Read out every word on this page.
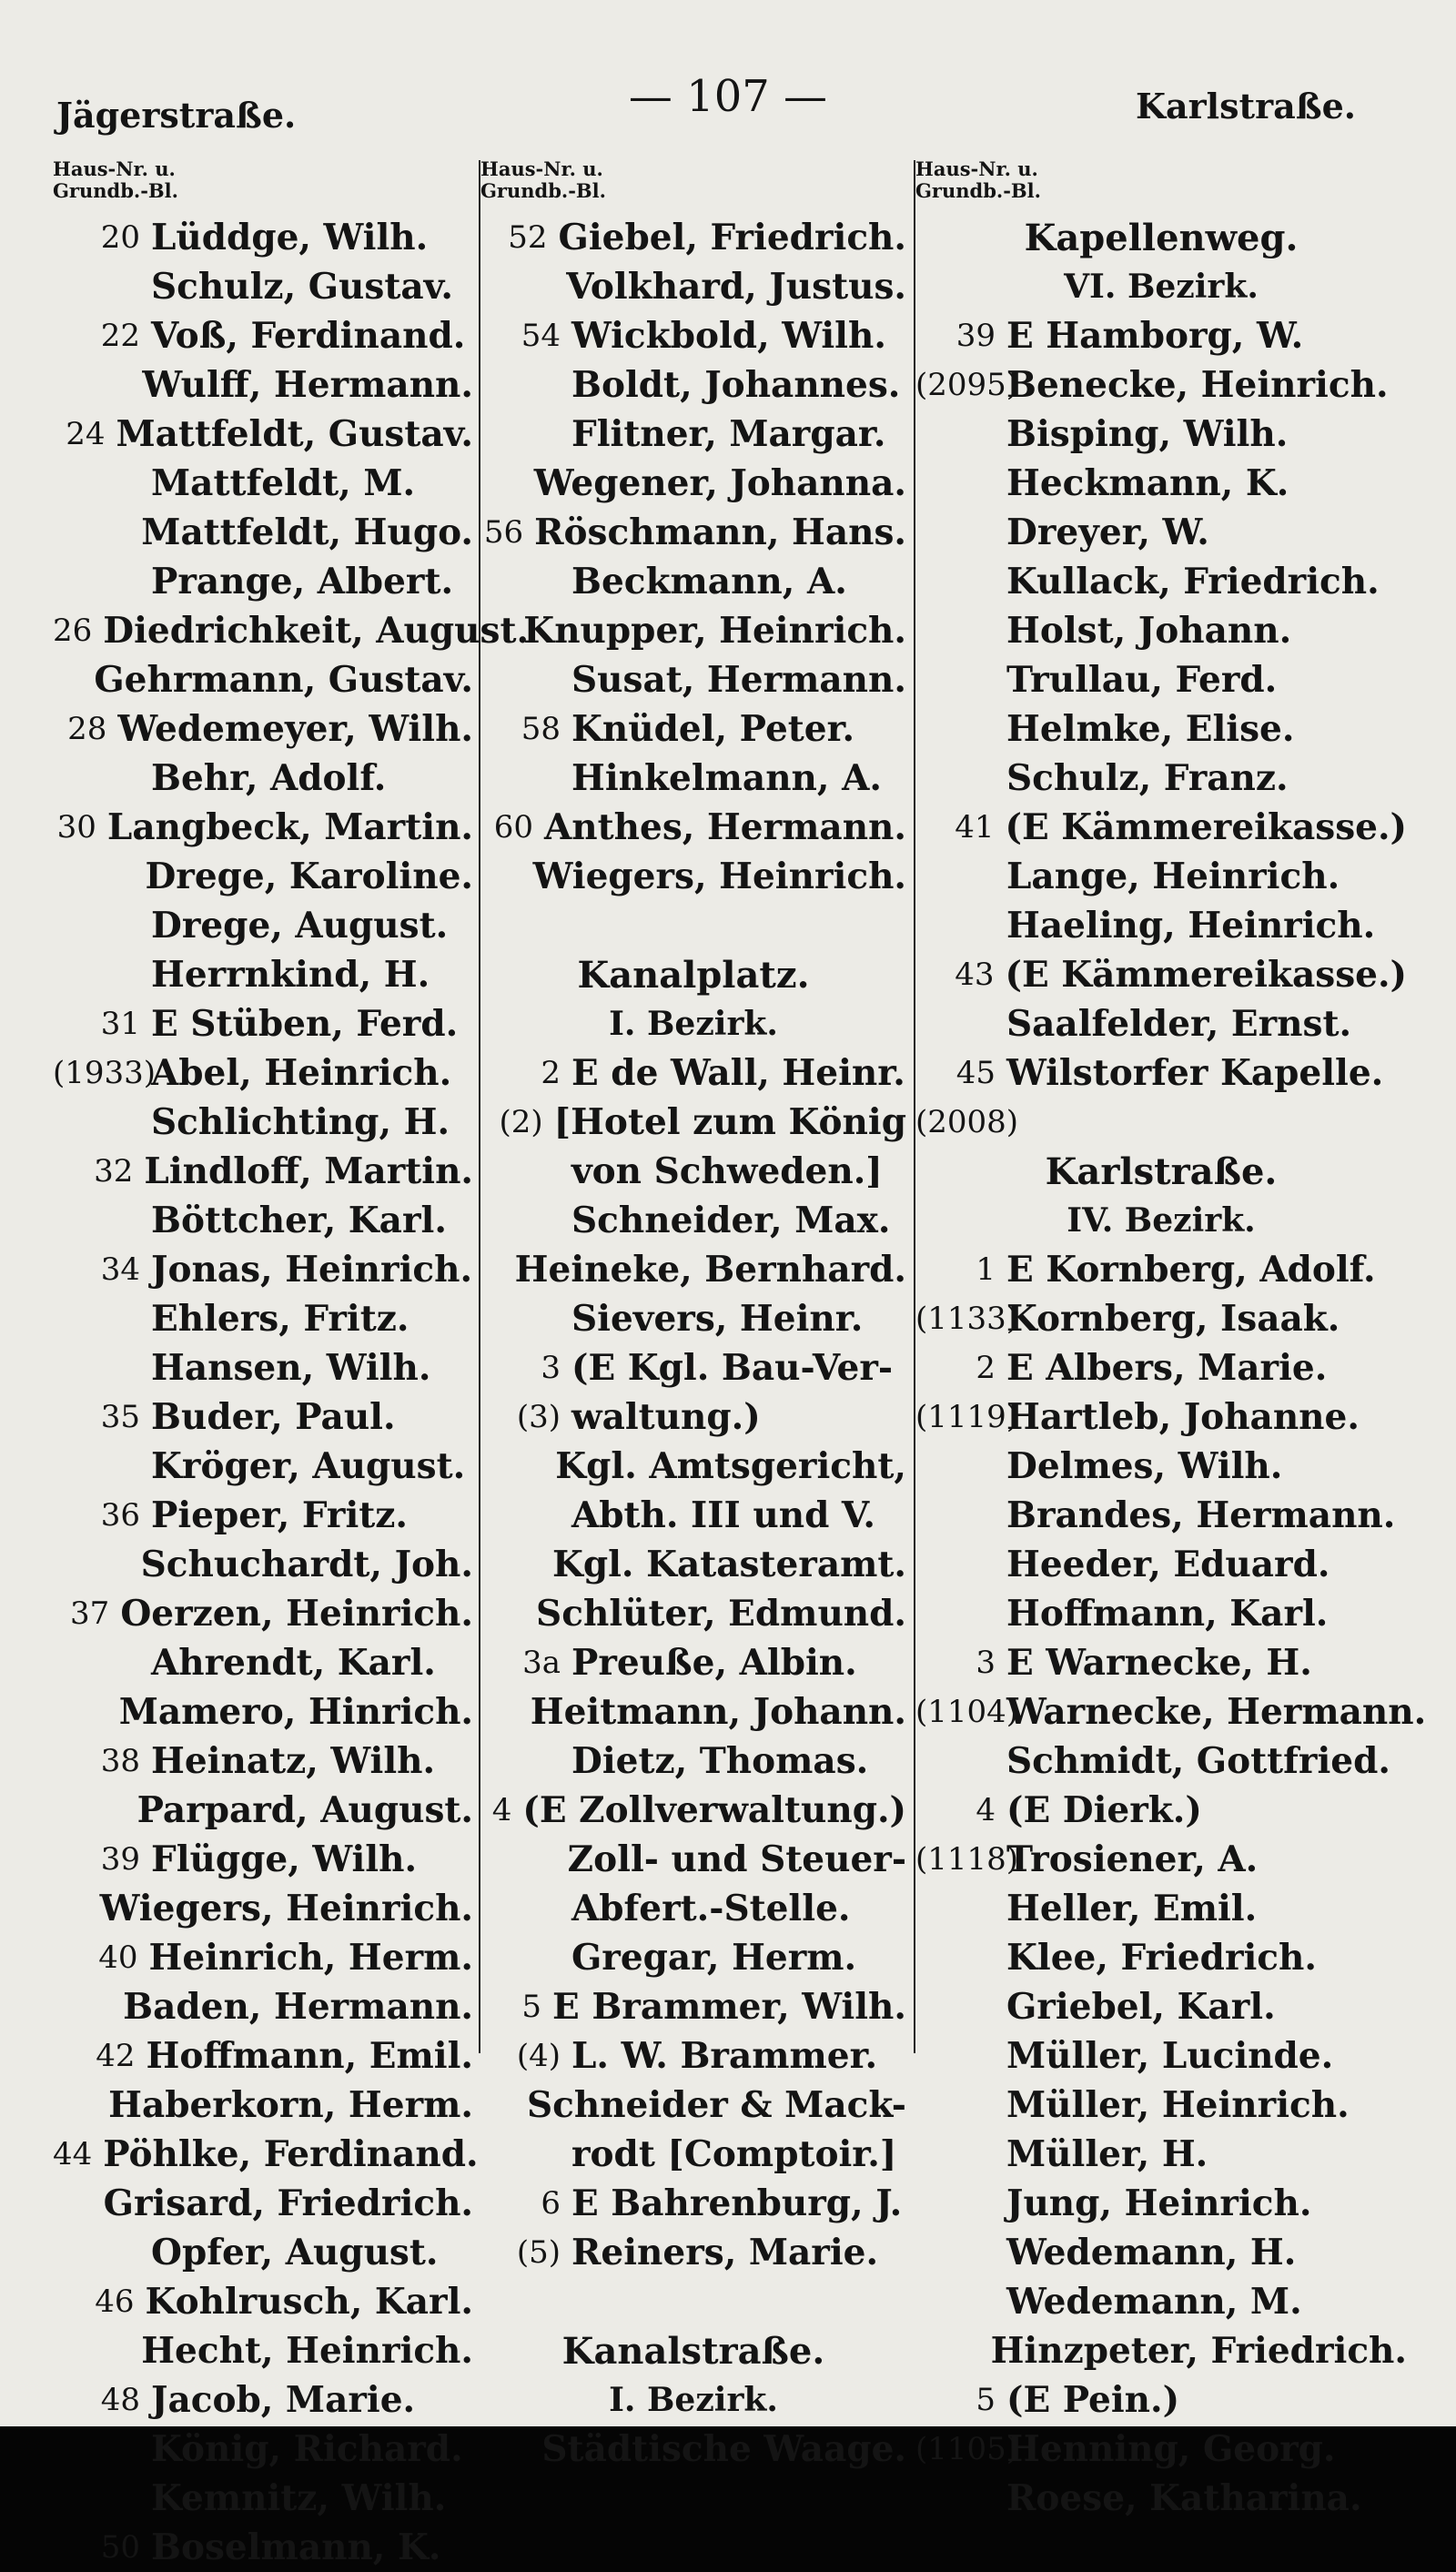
Jägerstraße.	— 107 —	Karlstraße.
Haus-Nr. u.
Grundb.-Bl.
20 Lüddge, Wilh.
Schulz, Gustav.
22 Voß, Ferdinand.
Wulff, Hermann.
24 Mattfeldt, Gustav.
Mattfeldt, M.
Mattfeldt, Hugo.
Prange, Albert.
26 Diedrichkeit, August.
Gehrmann, Gustav.
28 Wedemeyer, Wilh.
Behr, Adolf.
30 Langbeck, Martin.
Drege, Karoline.
Drege, August.
Herrnkind, H.
31 E Stüben, Ferd.
(1933)
Abel, Heinrich.
Schlichting, H.
32 Lindloff, Martin.
Böttcher, Karl.
34 Jonas, Heinrich.
Ehlers, Fritz.
Hansen, Wilh.
35 Buder, Paul.
Kröger, August.
36 Pieper, Fritz.
Schuchardt, Joh.
37 Oerzen, Heinrich.
Ahrendt, Karl.
Mamero, Hinrich.
38 Heinatz, Wilh.
Parpard, August.
39 Flügge, Wilh.
Wiegers, Heinrich.
40 Heinrich, Herm.
Baden, Hermann.
42 Hoffmann, Emil.
Haberkorn, Herm.
44 Pöhlke, Ferdinand.
Grisard, Friedrich.
Opfer, August.
46 Kohlrusch, Karl.
Hecht, Heinrich.
48 Jacob, Marie.
König, Richard.
Kemnitz, Wilh.
50 Boselmann, K.
Haus-Nr. u.
Grundb.-Bl.
52 Giebel, Friedrich.
Volkhard, Justus.
54 Wickbold, Wilh.
Boldt, Johannes.
Flitner, Margar.
Wegener, Johanna.
56 Röschmann, Hans.
Beckmann, A.
Knupper, Heinrich.
Susat, Hermann.
58 Knüdel, Peter.
Hinkelmann, A.
60 Anthes, Hermann.
Wiegers, Heinrich.
Kanalplatz.
I. Bezirk.
2 E de Wall, Heinr.
(2) [Hotel zum König
von Schweden.]
Schneider, Max.
Heineke, Bernhard.
Sievers, Heinr.
3 (E Kgl. Bau-Ver-
(3) waltung.)
Kgl. Amtsgericht,
Abth. III und V.
Kgl. Katasteramt.
Schlüter, Edmund.
3a Preuße, Albin.
Heitmann, Johann.
Dietz, Thomas.
4 (E Zollverwaltung.)
Zoll- und Steuer-
Abfert.-Stelle.
Gregar, Herm.
5 E Brammer, Wilh.
(4) L. W. Brammer.
Schneider & Mack-
rodt [Comptoir.]
6 E Bahrenburg, J.
(5) Reiners, Marie.
Kanalstraße.
I. Bezirk.
Städtische Waage.
Haus-Nr. u.
Grundb.-Bl.
Kapellenweg.
VI. Bezirk.
39 E Hamborg, W.
(2095)
Benecke, Heinrich.
Bisping, Wilh.
Heckmann, K.
Dreyer, W.
Kullack, Friedrich.
Holst, Johann.
Trullau, Ferd.
Helmke, Elise.
Schulz, Franz.
41 (E Kämmereikasse.)
Lange, Heinrich.
Haeling, Heinrich.
43 (E Kämmereikasse.)
Saalfelder, Ernst.
45 Wilstorfer Kapelle.
(2008)
Karlstraße.
IV. Bezirk.
1 E Kornberg, Adolf.
(1133)
Kornberg, Isaak.
2 E Albers, Marie.
(1119)
Hartleb, Johanne.
Delmes, Wilh.
Brandes, Hermann.
Heeder, Eduard.
Hoffmann, Karl.
3 E Warnecke, H.
(1104)
Warnecke, Hermann.
Schmidt, Gottfried.
4 (E Dierk.)
(1118)
Trosiener, A.
Heller, Emil.
Klee, Friedrich.
Griebel, Karl.
Müller, Lucinde.
Müller, Heinrich.
Müller, H.
Jung, Heinrich.
Wedemann, H.
Wedemann, M.
Hinzpeter, Friedrich.
5 (E Pein.)
(1105)
Henning, Georg.
Roese, Katharina.
